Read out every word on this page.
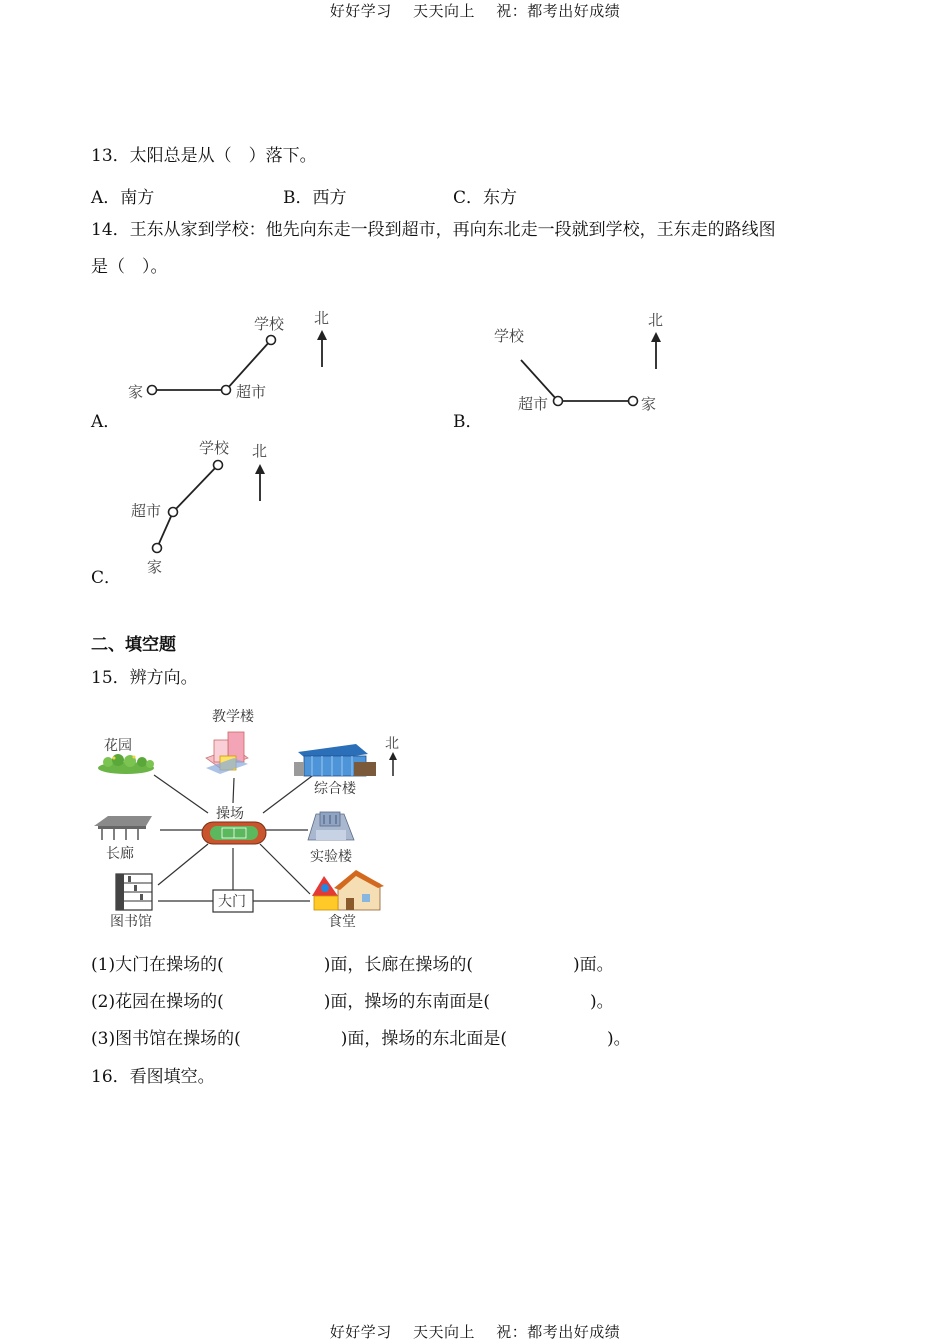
好好学习 天天向上 祝：都考出好成绩
13．太阳总是从（　）落下。
A．南方	B．西方	C．东方
14．王东从家到学校：他先向东走一段到超市，再向东北走一段就到学校，王东走的路线图
是（　）。
A．	B．
C．
家	超市
学校 北
学校
超市	家
北
学校
超市
家
北
二、填空题
15．辨方向。
北
教学楼
花园
综合楼
操场
长廊	实验楼
图书馆
大门
食堂
(1)大门在操场的(	)面，长廊在操场的(	)面。
(2)花园在操场的(	)面，操场的东南面是(	)。
(3)图书馆在操场的(	)面，操场的东北面是(	)。
16．看图填空。
好好学习 天天向上 祝：都考出好成绩
